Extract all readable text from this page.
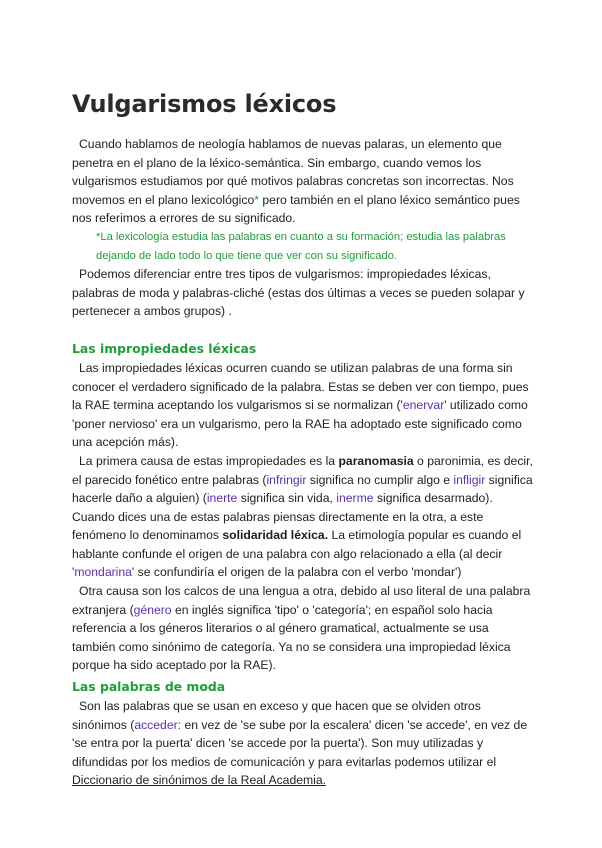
Vulgarismos léxicos

Cuando hablamos de neología hablamos de nuevas palaras, un elemento que penetra en el plano de la léxico-semántica. Sin embargo, cuando vemos los vulgarismos estudiamos por qué motivos palabras concretas son incorrectas. Nos movemos en el plano lexicológico* pero también en el plano léxico semántico pues nos referimos a errores de su significado.

*La lexicología estudia las palabras en cuanto a su formación; estudia las palabras dejando de lado todo lo que tiene que ver con su significado.

Podemos diferenciar entre tres tipos de vulgarismos: impropiedades léxicas, palabras de moda y palabras-cliché (estas dos últimas a veces se pueden solapar y pertenecer a ambos grupos) .

Las impropiedades léxicas

Las impropiedades léxicas ocurren cuando se utilizan palabras de una forma sin conocer el verdadero significado de la palabra. Estas se deben ver con tiempo, pues la RAE termina aceptando los vulgarismos si se normalizan ('enervar' utilizado como 'poner nervioso' era un vulgarismo, pero la RAE ha adoptado este significado como una acepción más).

La primera causa de estas impropiedades es la paranomasia o paronimia, es decir, el parecido fonético entre palabras (infringir significa no cumplir algo e infligir significa hacerle daño a alguien) (inerte significa sin vida, inerme significa desarmado). Cuando dices una de estas palabras piensas directamente en la otra, a este fenómeno lo denominamos solidaridad léxica. La etimología popular es cuando el hablante confunde el origen de una palabra con algo relacionado a ella (al decir 'mondarina' se confundiría el origen de la palabra con el verbo 'mondar')

Otra causa son los calcos de una lengua a otra, debido al uso literal de una palabra extranjera (género en inglés significa 'tipo' o 'categoría'; en español solo hacia referencia a los géneros literarios o al género gramatical, actualmente se usa también como sinónimo de categoría. Ya no se considera una impropiedad léxica porque ha sido aceptado por la RAE).

Las palabras de moda

Son las palabras que se usan en exceso y que hacen que se olviden otros sinónimos (acceder: en vez de 'se sube por la escalera' dicen 'se accede', en vez de 'se entra por la puerta' dicen 'se accede por la puerta'). Son muy utilizadas y difundidas por los medios de comunicación y para evitarlas podemos utilizar el Diccionario de sinónimos de la Real Academia.
